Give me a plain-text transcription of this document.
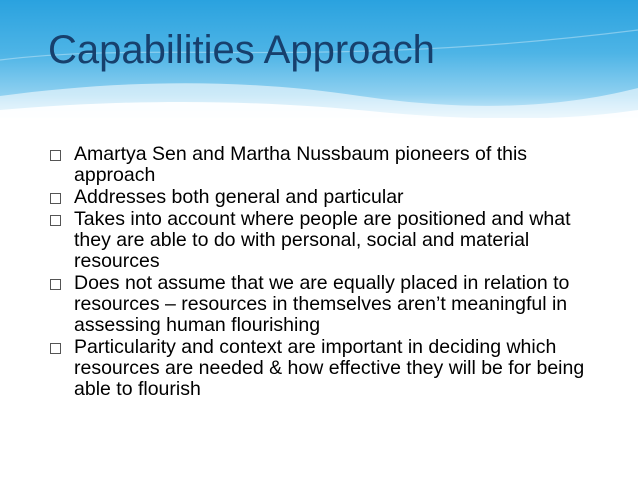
Capabilities Approach
Amartya Sen and Martha Nussbaum pioneers of this approach
Addresses both general and particular
Takes into account where people are positioned and what they are able to do with personal, social and material resources
Does not assume that we are equally placed in relation to resources – resources in themselves aren’t meaningful in assessing human flourishing
Particularity and context are important in deciding which resources are needed & how effective they will be for being able to flourish
